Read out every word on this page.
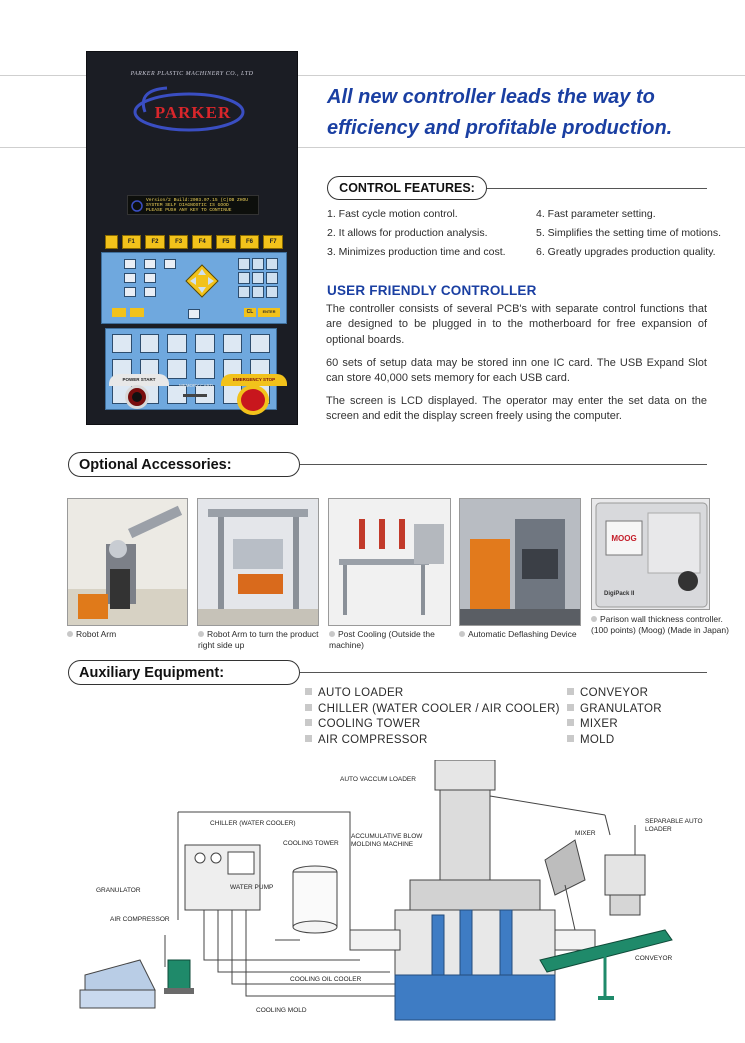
PARKER PLASTIC MACHINERY CO., LTD
PARKER
Version/2 Build:2003.07.15 (C)OB ZHOU
SYSTEM SELF DIAGNOSTIC IS GOOD
PLEASE PUSH ANY KEY TO CONTINUE
F1	F2	F3	F4	F5	F6	F7
CL	ENTER
POWER START
MEMORY CARD
EMERGENCY STOP
All new controller leads the way to
efficiency and profitable production.
CONTROL FEATURES:
1. Fast cycle motion control.
2. It allows for production analysis.
3. Minimizes production time and cost.
4. Fast parameter setting.
5. Simplifies the setting time of motions.
6. Greatly upgrades production quality.
USER FRIENDLY CONTROLLER
The controller consists of several PCB's with separate control functions that are designed to be plugged in to the motherboard for free expansion of optional boards.
60 sets of setup data may be stored inn one IC card. The USB Expand Slot can store 40,000 sets memory for each USB card.
The screen is LCD displayed. The operator may enter the set data on the screen and edit the display screen freely using the computer.
Optional Accessories:
Robot Arm	Robot Arm to turn the product right side up
Post Cooling (Outside the machine)
Automatic Deflashing Device
MOOG
DigiPack II
Parison wall thickness controller. (100 points) (Moog) (Made in Japan)
Auxiliary Equipment:
AUTO LOADER
CHILLER (WATER COOLER / AIR COOLER)
COOLING TOWER
AIR COMPRESSOR
CONVEYOR
GRANULATOR
MIXER
MOLD
AUTO VACCUM LOADER
CHILLER (WATER COOLER)
COOLING TOWER
ACCUMULATIVE BLOW MOLDING MACHINE
MIXER
SEPARABLE AUTO LOADER
GRANULATOR	WATER PUMP
AIR COMPRESSOR
COOLING OIL COOLER
COOLING MOLD
CONVEYOR
